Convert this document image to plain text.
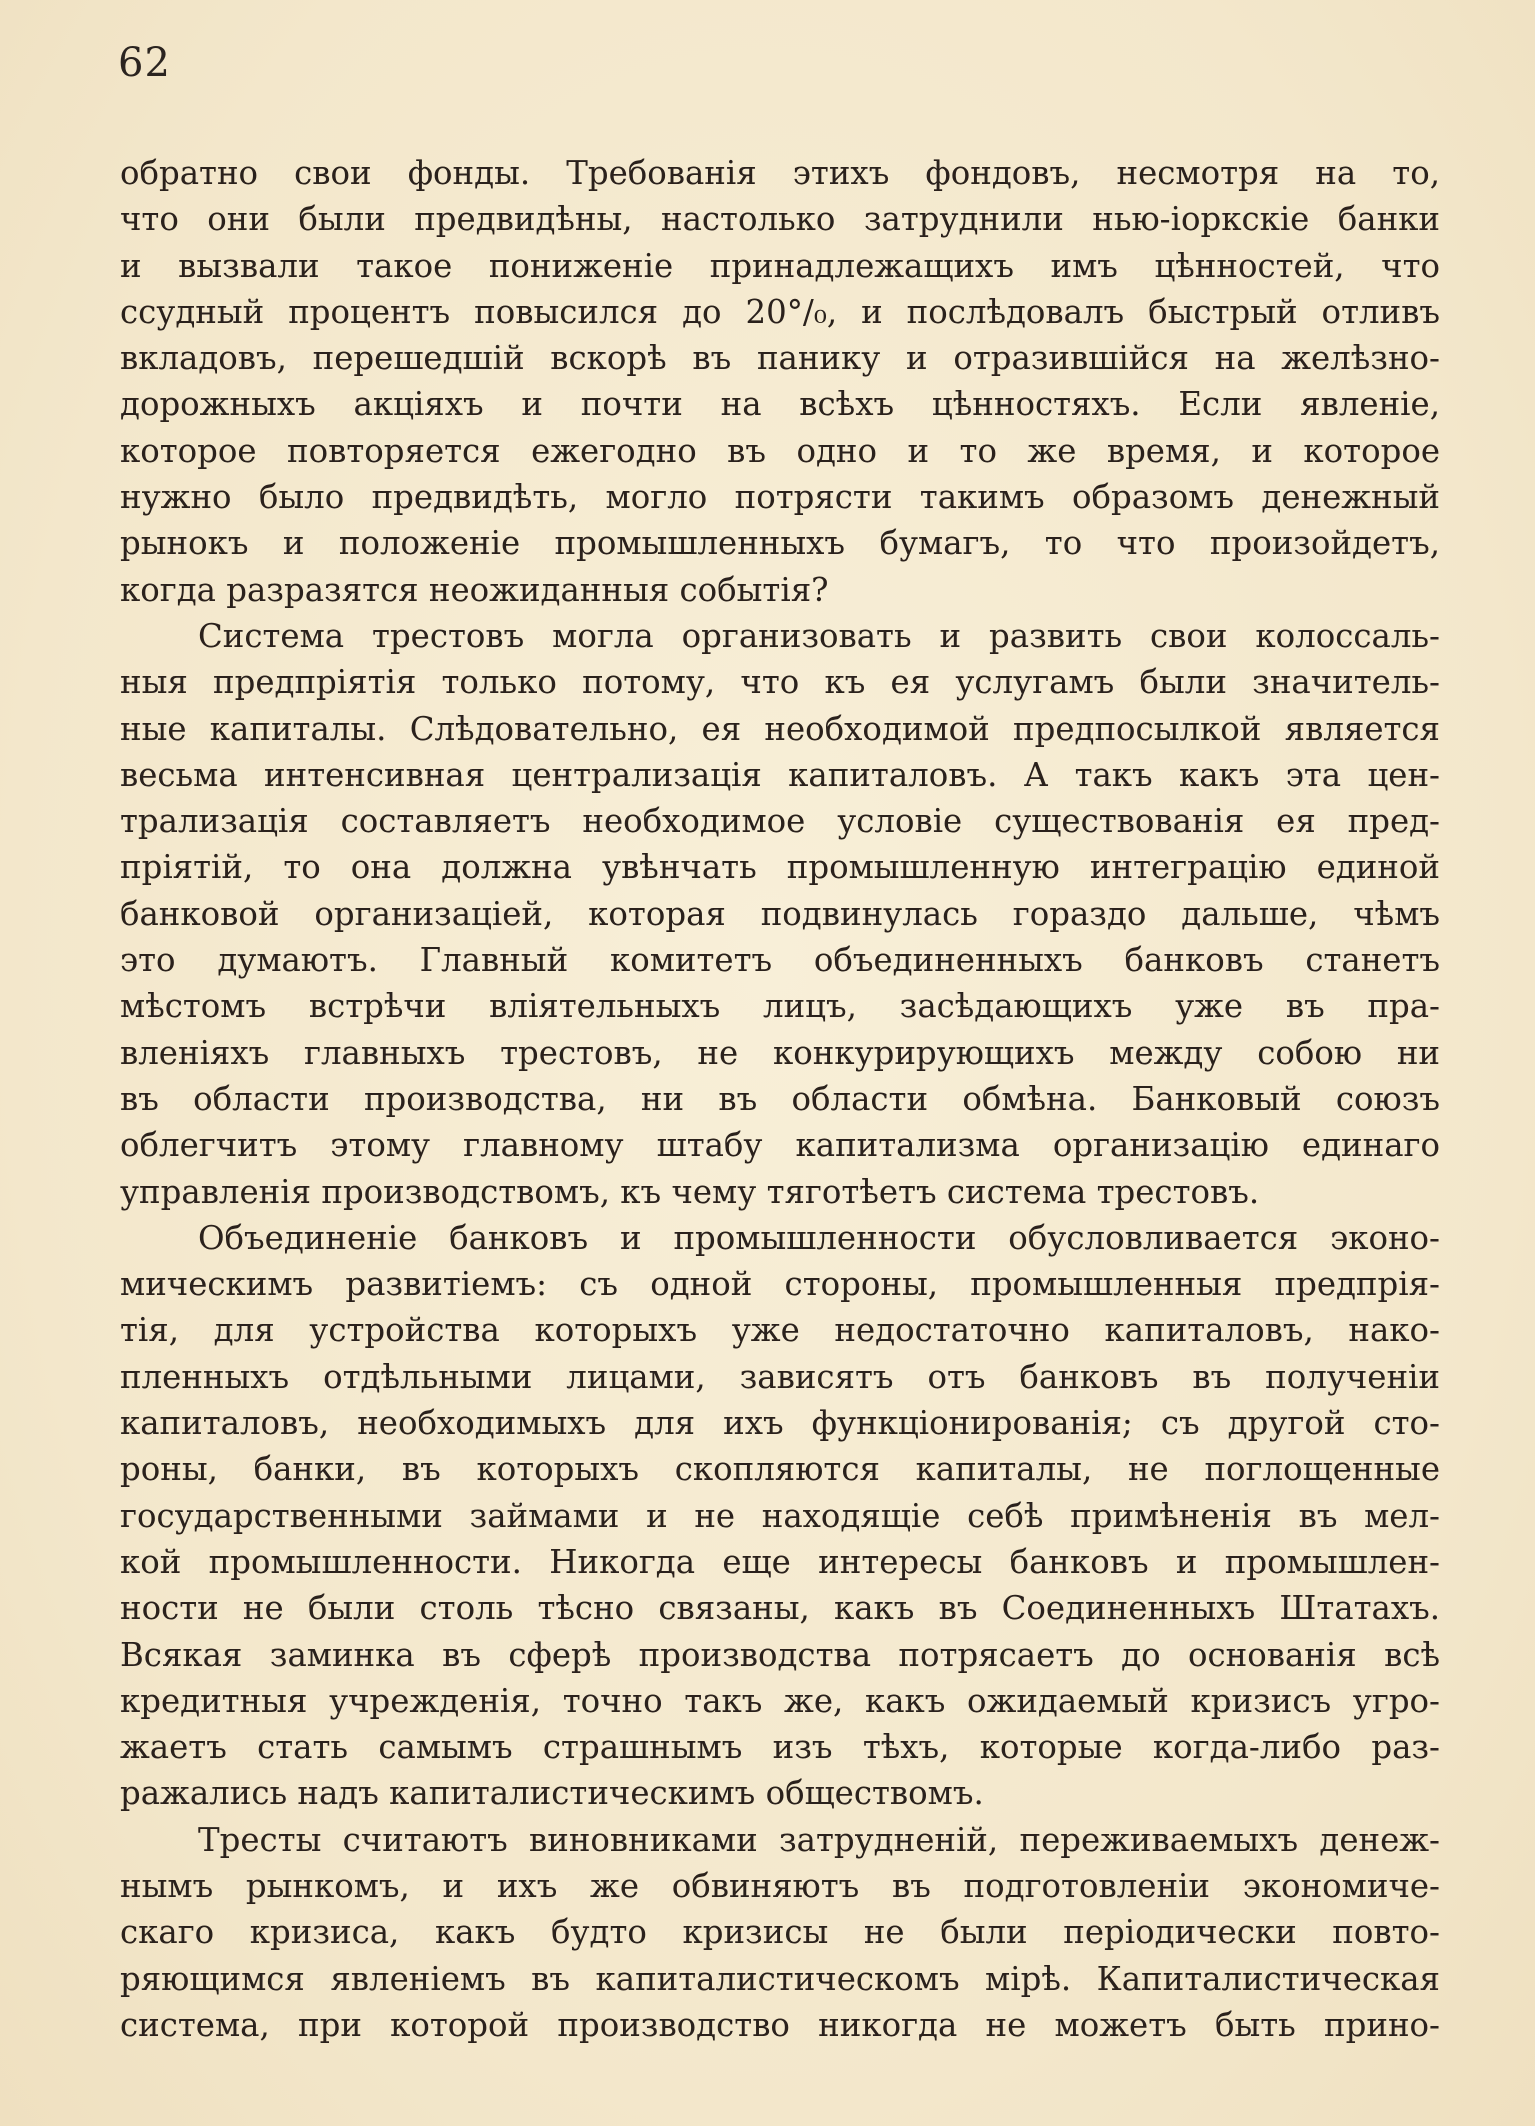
62
обратно свои фонды. Требованія этихъ фондовъ, несмотря на то,
что они были предвидѣны, настолько затруднили нью-іоркскіе банки
и вызвали такое пониженіе принадлежащихъ имъ цѣнностей, что
ссудный процентъ повысился до 20°/₀, и послѣдовалъ быстрый отливъ
вкладовъ, перешедшій вскорѣ въ панику и отразившійся на желѣзно-
дорожныхъ акціяхъ и почти на всѣхъ цѣнностяхъ. Если явленіе,
которое повторяется ежегодно въ одно и то же время, и которое
нужно было предвидѣть, могло потрясти такимъ образомъ денежный
рынокъ и положеніе промышленныхъ бумагъ, то что произойдетъ,
когда разразятся неожиданныя событія?
Система трестовъ могла организовать и развить свои колоссаль-
ныя предпріятія только потому, что къ ея услугамъ были значитель-
ные капиталы. Слѣдовательно, ея необходимой предпосылкой является
весьма интенсивная централизація капиталовъ. А такъ какъ эта цен-
трализація составляетъ необходимое условіе существованія ея пред-
пріятій, то она должна увѣнчать промышленную интеграцію единой
банковой организаціей, которая подвинулась гораздо дальше, чѣмъ
это думаютъ. Главный комитетъ объединенныхъ банковъ станетъ
мѣстомъ встрѣчи вліятельныхъ лицъ, засѣдающихъ уже въ пра-
вленіяхъ главныхъ трестовъ, не конкурирующихъ между собою ни
въ области производства, ни въ области обмѣна. Банковый союзъ
облегчитъ этому главному штабу капитализма организацію единаго
управленія производствомъ, къ чему тяготѣетъ система трестовъ.
Объединеніе банковъ и промышленности обусловливается эконо-
мическимъ развитіемъ: съ одной стороны, промышленныя предпрія-
тія, для устройства которыхъ уже недостаточно капиталовъ, нако-
пленныхъ отдѣльными лицами, зависятъ отъ банковъ въ полученіи
капиталовъ, необходимыхъ для ихъ функціонированія; съ другой сто-
роны, банки, въ которыхъ скопляются капиталы, не поглощенные
государственными займами и не находящіе себѣ примѣненія въ мел-
кой промышленности. Никогда еще интересы банковъ и промышлен-
ности не были столь тѣсно связаны, какъ въ Соединенныхъ Штатахъ.
Всякая заминка въ сферѣ производства потрясаетъ до основанія всѣ
кредитныя учрежденія, точно такъ же, какъ ожидаемый кризисъ угро-
жаетъ стать самымъ страшнымъ изъ тѣхъ, которые когда-либо раз-
ражались надъ капиталистическимъ обществомъ.
Тресты считаютъ виновниками затрудненій, переживаемыхъ денеж-
нымъ рынкомъ, и ихъ же обвиняютъ въ подготовленіи экономиче-
скаго кризиса, какъ будто кризисы не были періодически повто-
ряющимся явленіемъ въ капиталистическомъ мірѣ. Капиталистическая
система, при которой производство никогда не можетъ быть прино-
